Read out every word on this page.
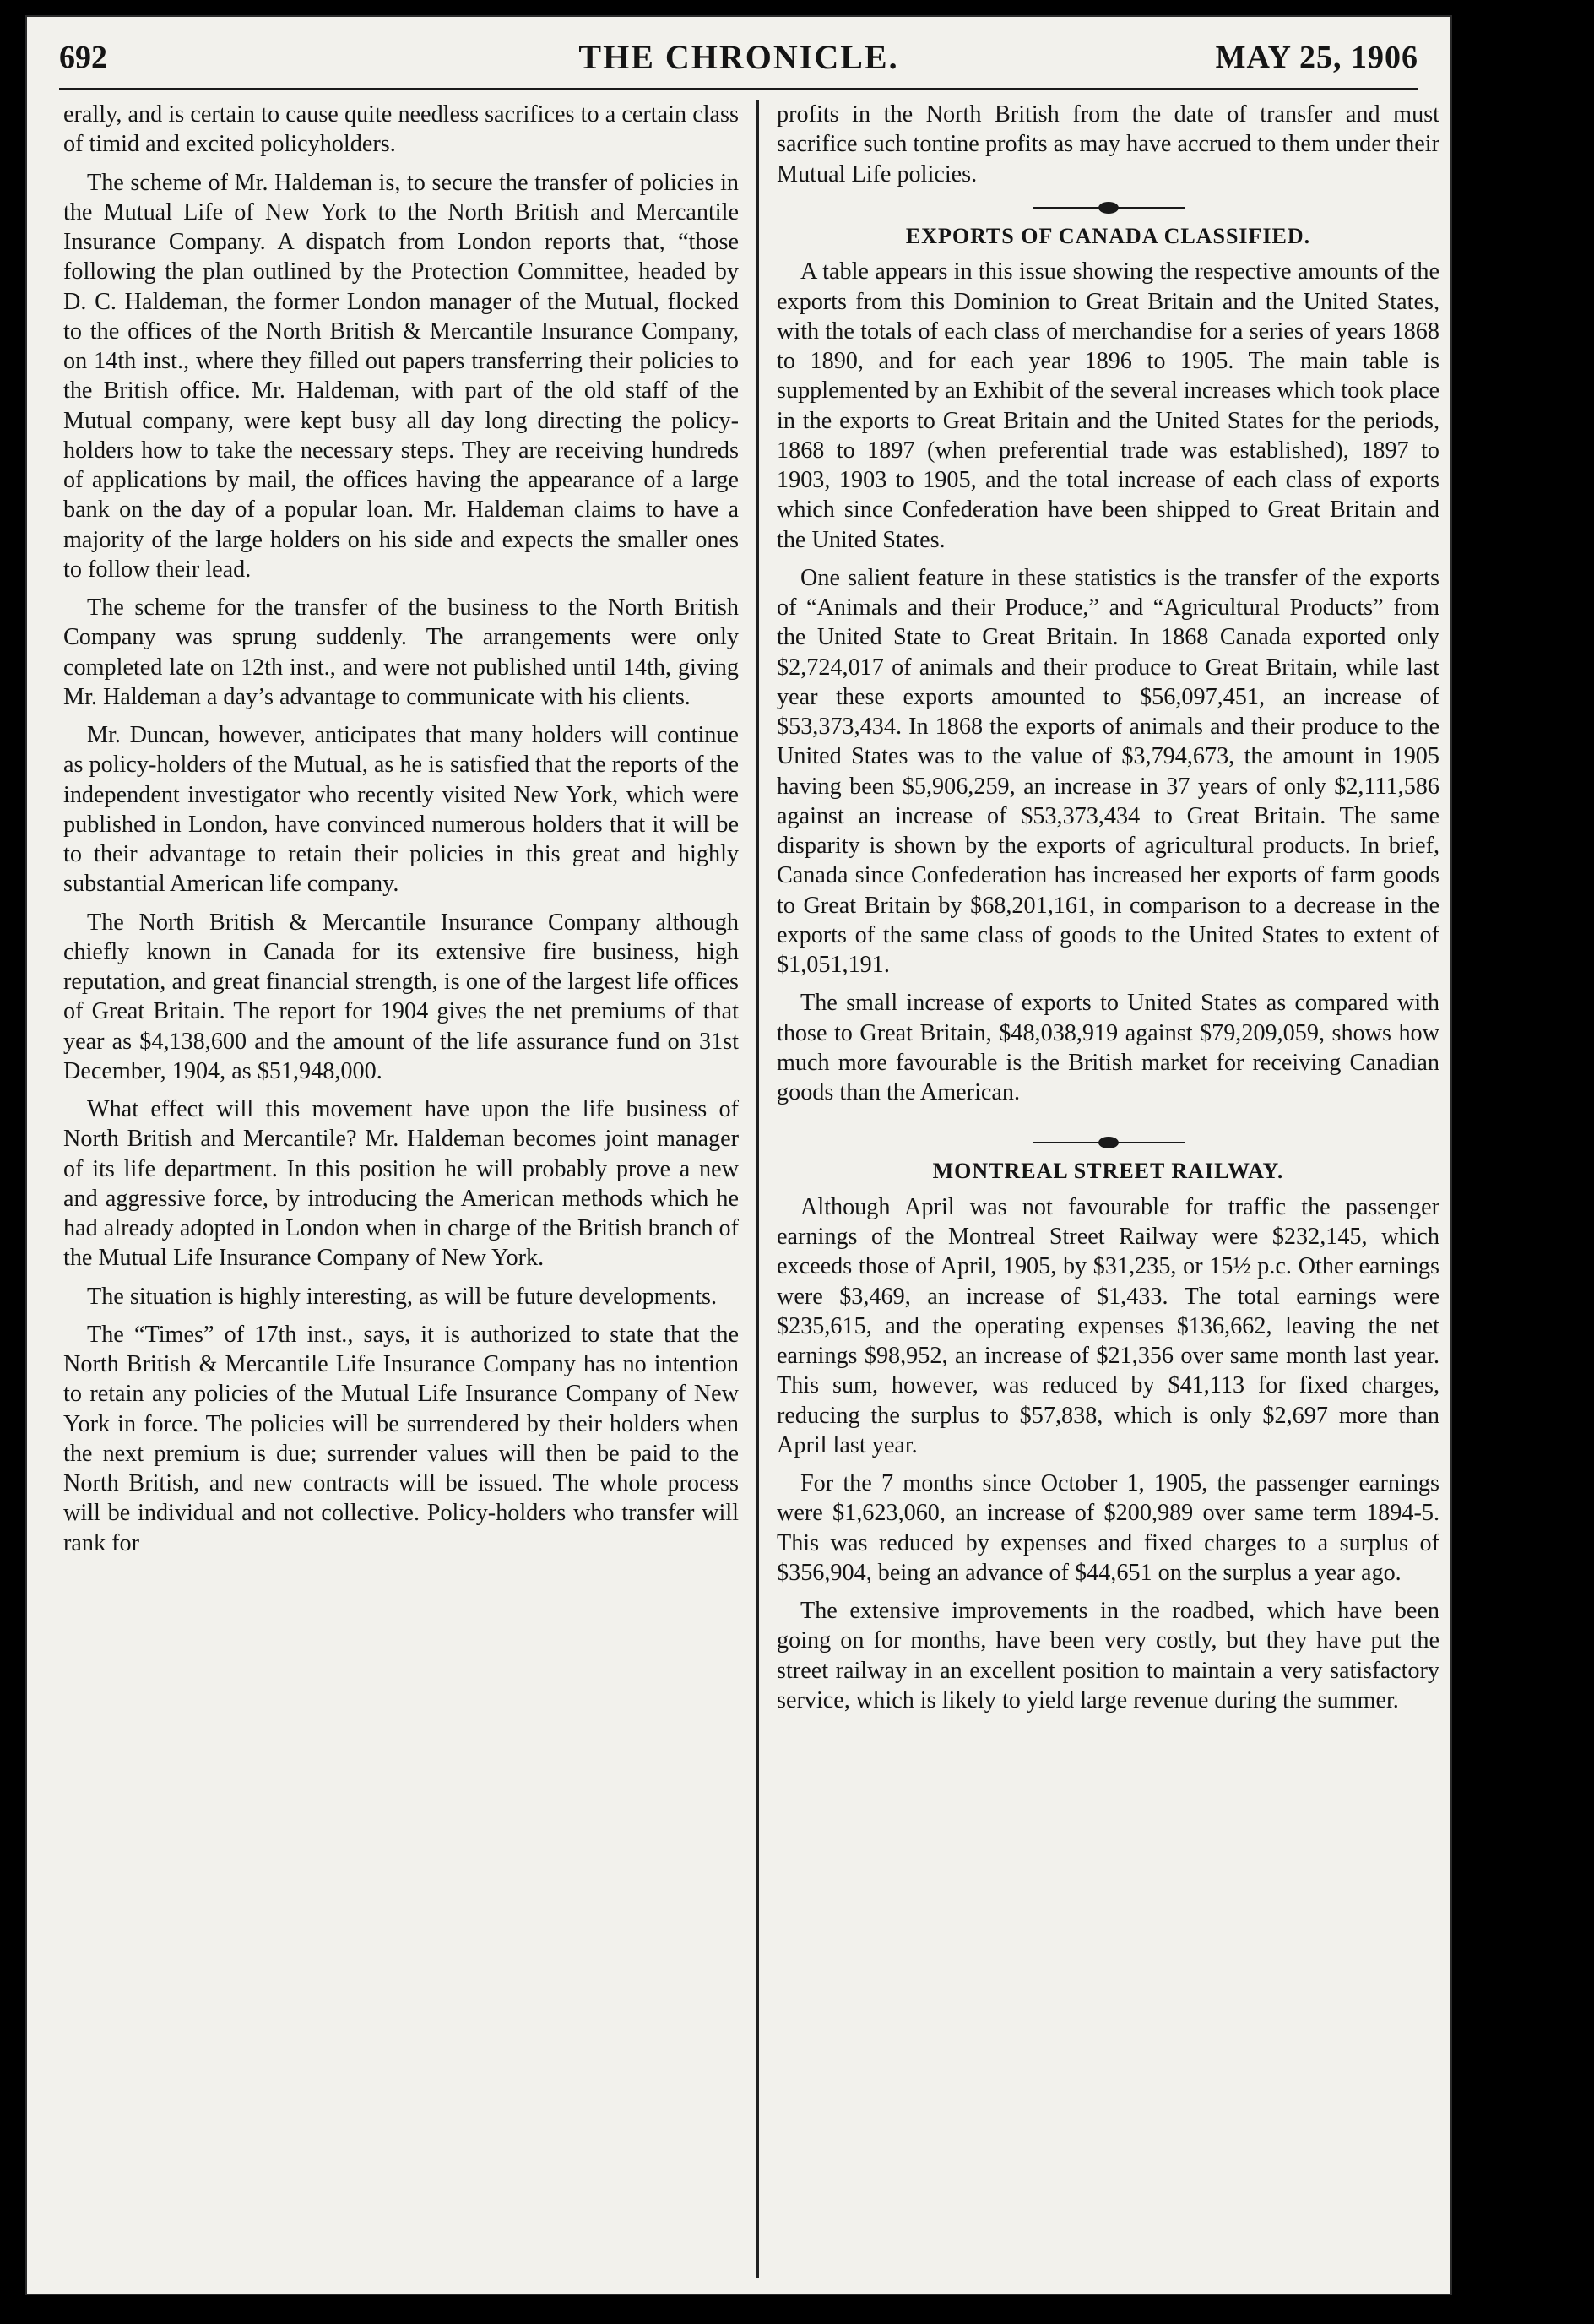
692	THE CHRONICLE.	MAY 25, 1906

erally, and is certain to cause quite needless sacrifices to a certain class of timid and excited policyholders.

The scheme of Mr. Haldeman is, to secure the transfer of policies in the Mutual Life of New York to the North British and Mercantile Insurance Company. A dispatch from London reports that, “those following the plan outlined by the Protection Committee, headed by D. C. Haldeman, the former London manager of the Mutual, flocked to the offices of the North British & Mercantile Insurance Company, on 14th inst., where they filled out papers transferring their policies to the British office. Mr. Haldeman, with part of the old staff of the Mutual company, were kept busy all day long directing the policy-holders how to take the necessary steps. They are receiving hundreds of applications by mail, the offices having the appearance of a large bank on the day of a popular loan. Mr. Haldeman claims to have a majority of the large holders on his side and expects the smaller ones to follow their lead.

The scheme for the transfer of the business to the North British Company was sprung suddenly. The arrangements were only completed late on 12th inst., and were not published until 14th, giving Mr. Haldeman a day’s advantage to communicate with his clients.

Mr. Duncan, however, anticipates that many holders will continue as policy-holders of the Mutual, as he is satisfied that the reports of the independent investigator who recently visited New York, which were published in London, have convinced numerous holders that it will be to their advantage to retain their policies in this great and highly substantial American life company.

The North British & Mercantile Insurance Company although chiefly known in Canada for its extensive fire business, high reputation, and great financial strength, is one of the largest life offices of Great Britain. The report for 1904 gives the net premiums of that year as $4,138,600 and the amount of the life assurance fund on 31st December, 1904, as $51,948,000.

What effect will this movement have upon the life business of North British and Mercantile? Mr. Haldeman becomes joint manager of its life department. In this position he will probably prove a new and aggressive force, by introducing the American methods which he had already adopted in London when in charge of the British branch of the Mutual Life Insurance Company of New York.

The situation is highly interesting, as will be future developments.

The “Times” of 17th inst., says, it is authorized to state that the North British & Mercantile Life Insurance Company has no intention to retain any policies of the Mutual Life Insurance Company of New York in force. The policies will be surrendered by their holders when the next premium is due; surrender values will then be paid to the North British, and new contracts will be issued. The whole process will be individual and not collective. Policy-holders who transfer will rank for

profits in the North British from the date of transfer and must sacrifice such tontine profits as may have accrued to them under their Mutual Life policies.

EXPORTS OF CANADA CLASSIFIED.

A table appears in this issue showing the respective amounts of the exports from this Dominion to Great Britain and the United States, with the totals of each class of merchandise for a series of years 1868 to 1890, and for each year 1896 to 1905. The main table is supplemented by an Exhibit of the several increases which took place in the exports to Great Britain and the United States for the periods, 1868 to 1897 (when preferential trade was established), 1897 to 1903, 1903 to 1905, and the total increase of each class of exports which since Confederation have been shipped to Great Britain and the United States.

One salient feature in these statistics is the transfer of the exports of “Animals and their Produce,” and “Agricultural Products” from the United State to Great Britain. In 1868 Canada exported only $2,724,017 of animals and their produce to Great Britain, while last year these exports amounted to $56,097,451, an increase of $53,373,434. In 1868 the exports of animals and their produce to the United States was to the value of $3,794,673, the amount in 1905 having been $5,906,259, an increase in 37 years of only $2,111,586 against an increase of $53,373,434 to Great Britain. The same disparity is shown by the exports of agricultural products. In brief, Canada since Confederation has increased her exports of farm goods to Great Britain by $68,201,161, in comparison to a decrease in the exports of the same class of goods to the United States to extent of $1,051,191.

The small increase of exports to United States as compared with those to Great Britain, $48,038,919 against $79,209,059, shows how much more favourable is the British market for receiving Canadian goods than the American.

MONTREAL STREET RAILWAY.

Although April was not favourable for traffic the passenger earnings of the Montreal Street Railway were $232,145, which exceeds those of April, 1905, by $31,235, or 15½ p.c. Other earnings were $3,469, an increase of $1,433. The total earnings were $235,615, and the operating expenses $136,662, leaving the net earnings $98,952, an increase of $21,356 over same month last year. This sum, however, was reduced by $41,113 for fixed charges, reducing the surplus to $57,838, which is only $2,697 more than April last year.

For the 7 months since October 1, 1905, the passenger earnings were $1,623,060, an increase of $200,989 over same term 1894-5. This was reduced by expenses and fixed charges to a surplus of $356,904, being an advance of $44,651 on the surplus a year ago.

The extensive improvements in the roadbed, which have been going on for months, have been very costly, but they have put the street railway in an excellent position to maintain a very satisfactory service, which is likely to yield large revenue during the summer.
